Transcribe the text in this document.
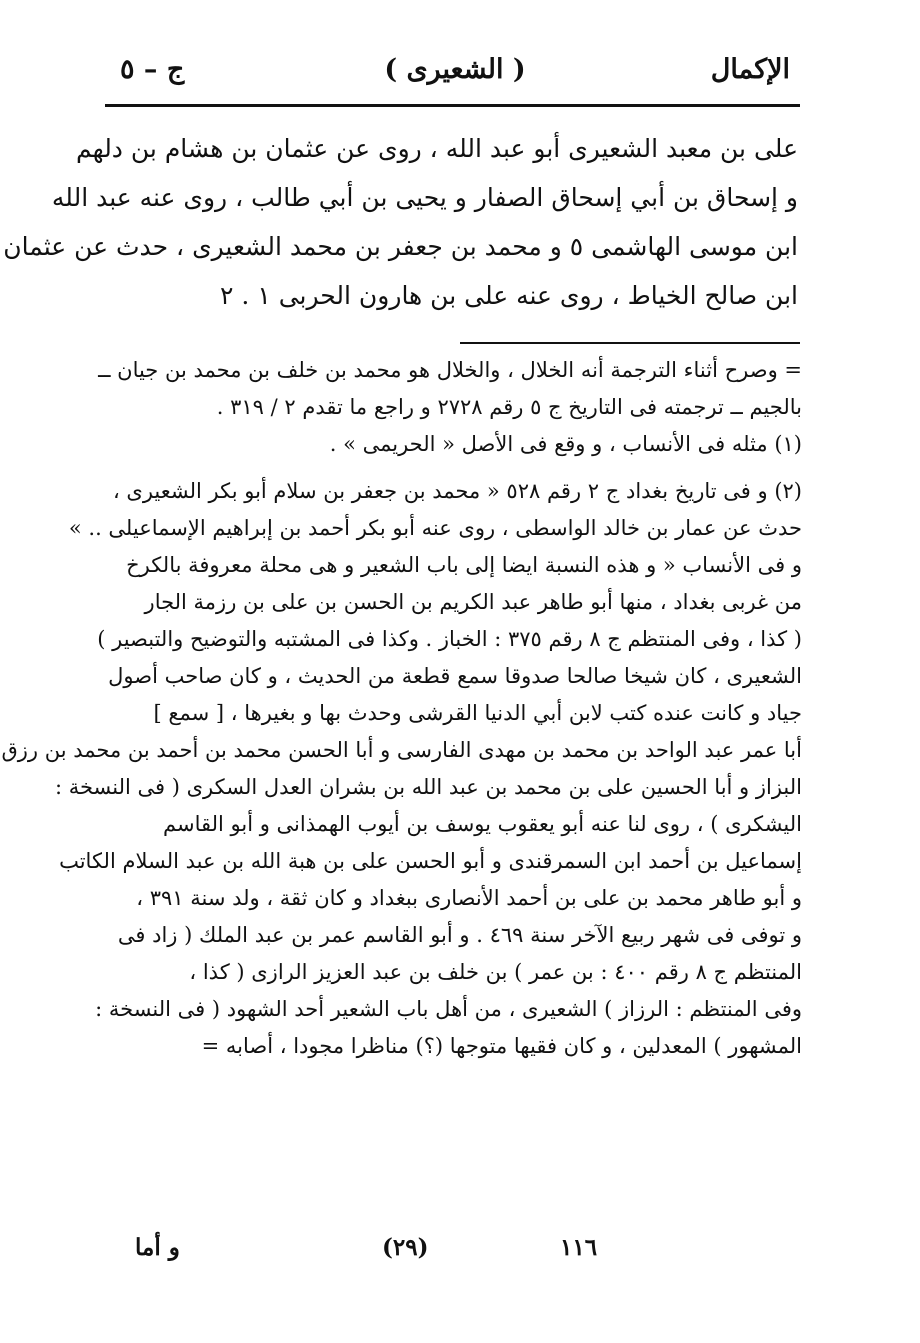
الإكمال
( الشعيرى )
ج – ٥

على بن معبد الشعيرى أبو عبد الله ، روى عن عثمان بن هشام بن دلهم

و إسحاق بن أبي إسحاق الصفار و يحيى بن أبي طالب ، روى عنه عبد الله

ابن موسى الهاشمى ٥ و محمد بن جعفر بن محمد الشعيرى ، حدث عن عثمان

ابن صالح الخياط ، روى عنه على بن هارون الحربى ١ . ٢

= وصرح أثناء الترجمة أنه الخلال ، والخلال هو محمد بن خلف بن محمد بن جيان ــ

بالجيم ــ ترجمته فى التاريخ ج ٥ رقم ٢٧٢٨ و راجع ما تقدم ٢ / ٣١٩ .

(١) مثله فى الأنساب ، و وقع فى الأصل « الحريمى » .

(٢) و فى تاريخ بغداد ج ٢ رقم ٥٢٨ « محمد بن جعفر بن سلام أبو بكر الشعيرى ،

حدث عن عمار بن خالد الواسطى ، روى عنه أبو بكر أحمد بن إبراهيم الإسماعيلى .. »

و فى الأنساب « و هذه النسبة ايضا إلى باب الشعير و هى محلة معروفة بالكرخ

من غربى بغداد ، منها أبو طاهر عبد الكريم بن الحسن بن على بن رزمة الجار

( كذا ، وفى المنتظم ج ٨ رقم ٣٧٥ : الخباز . وكذا فى المشتبه والتوضيح والتبصير )

الشعيرى ، كان شيخا صالحا صدوقا سمع قطعة من الحديث ، و كان صاحب أصول

جياد و كانت عنده كتب لابن أبي الدنيا القرشى وحدث بها و بغيرها ، [ سمع ]

أبا عمر عبد الواحد بن محمد بن مهدى الفارسى و أبا الحسن محمد بن أحمد بن محمد بن رزق

البزاز و أبا الحسين على بن محمد بن عبد الله بن بشران العدل السكرى ( فى النسخة :

اليشكرى ) ، روى لنا عنه أبو يعقوب يوسف بن أيوب الهمذانى و أبو القاسم

إسماعيل بن أحمد ابن السمرقندى و أبو الحسن على بن هبة الله بن عبد السلام الكاتب

و أبو طاهر محمد بن على بن أحمد الأنصارى ببغداد و كان ثقة ، ولد سنة ٣٩١ ،

و توفى فى شهر ربيع الآخر سنة ٤٦٩ . و أبو القاسم عمر بن عبد الملك ( زاد فى

المنتظم ج ٨ رقم ٤٠٠ : بن عمر ) بن خلف بن عبد العزيز الرازى ( كذا ،

وفى المنتظم : الرزاز ) الشعيرى ، من أهل باب الشعير أحد الشهود ( فى النسخة :

المشهور ) المعدلين ، و كان فقيها متوجها (؟) مناظرا مجودا ، أصابه =

١١٦
(٢٩)
و أما
